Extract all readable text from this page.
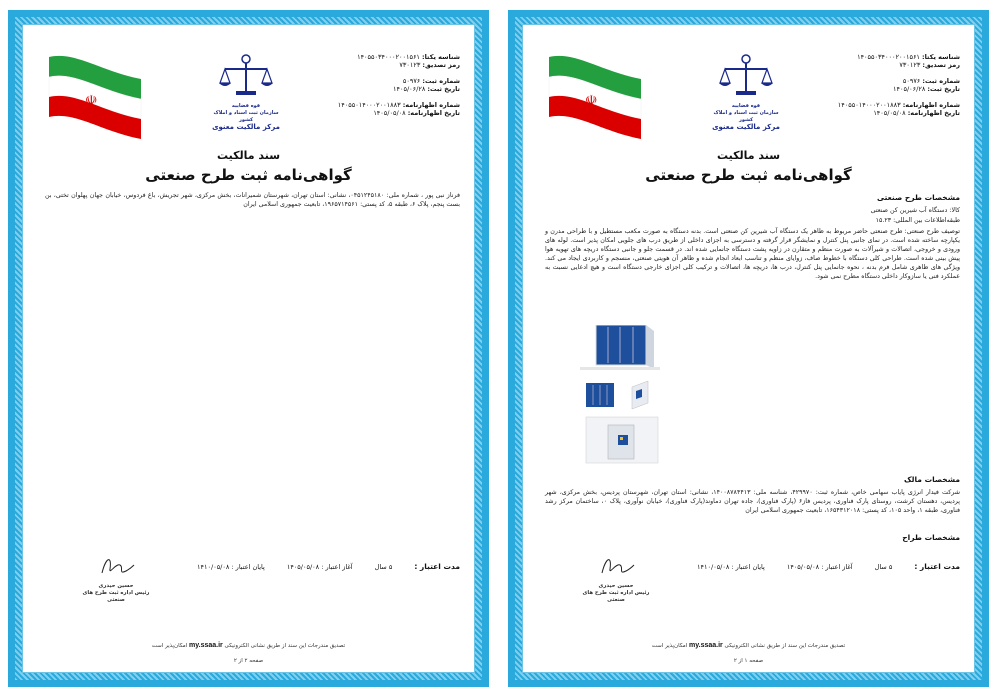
☫	قوه قضاییه
سازمان ثبت اسناد و املاک کشور
مرکز مالکیت معنوی
شناسه یکتا: ۱۴۰۵۵۰۳۴۰۰۰۲۰۰۱۵۶۱
رمز تصدیق: ۷۳۰۱۲۳
شماره ثبت: ۵۰۹۷۶
تاریخ ثبت: ۱۴۰۵/۰۶/۲۸
شماره اظهارنامه: ۱۴۰۵۵۰۱۴۰۰۰۲۰۰۱۸۸۳
تاریخ اظهارنامه: ۱۴۰۵/۰۵/۰۸
سند مالکیت
گواهی‌نامه ثبت طرح صنعتی
فرناز نبی پور ، شماره ملی: ۰۴۵۱۲۴۵۱۸۰، نشانی: استان تهران، شهرستان شمیرانات، بخش مرکزی، شهر تجریش، باغ فردوس، خیابان جهان پهلوان تختی، بن بست پنجم، پلاک ۶، طبقه ۵، کد پستی: ۱۹۶۵۷۱۴۵۶۱، تابعیت جمهوری اسلامی ایران
مدت اعتبار :
۵ سال
آغاز اعتبار : ۱۴۰۵/۰۵/۰۸
پایان اعتبار : ۱۴۱۰/۰۵/۰۸
حسین حیدری
رئیس اداره ثبت طرح های صنعتی
تصدیق مندرجات این سند از طریق نشانی الکترونیکی my.ssaa.ir امکان‌پذیر است
صفحه ۲ از ۲
☫	قوه قضاییه
سازمان ثبت اسناد و املاک کشور
مرکز مالکیت معنوی
شناسه یکتا: ۱۴۰۵۵۰۳۴۰۰۰۲۰۰۱۵۶۱
رمز تصدیق: ۷۳۰۱۲۳
شماره ثبت: ۵۰۹۷۶
تاریخ ثبت: ۱۴۰۵/۰۶/۲۸
شماره اظهارنامه: ۱۴۰۵۵۰۱۴۰۰۰۲۰۰۱۸۸۳
تاریخ اظهارنامه: ۱۴۰۵/۰۵/۰۸
سند مالکیت
گواهی‌نامه ثبت طرح صنعتی
مشخصات طرح صنعتی
کالا: دستگاه آب شیرین کن صنعتی
طبقه‌اطلاعات بین المللی: ۱۵.۲۳
توصیف طرح صنعتی: طرح صنعتی حاضر مربوط به ظاهر یک دستگاه آب شیرین کن صنعتی است. بدنه دستگاه به صورت مکعب مستطیل و با طراحی مدرن و یکپارچه ساخته شده است. در نمای جانبی پنل کنترل و نمایشگر قرار گرفته و دسترسی به اجزای داخلی از طریق درب های جلویی امکان پذیر است. لوله های ورودی و خروجی، اتصالات و شیرآلات به صورت منظم و متقارن در زاویه پشت دستگاه جانمایی شده اند. در قسمت جلو و جانبی دستگاه دریچه های تهویه هوا پیش بینی شده است. طراحی کلی دستگاه با خطوط صاف، زوایای منظم و تناسب ابعاد انجام شده و ظاهر آن هویتی صنعتی، منسجم و کاربردی ایجاد می کند. ویژگی های ظاهری شامل فرم بدنه ، نحوه جانمایی پنل کنترل، درب ها، دریچه ها، اتصالات و ترکیب کلی اجزای خارجی دستگاه است و هیچ ادعایی نسبت به عملکرد فنی یا سازوکار داخلی دستگاه مطرح نمی شود.
مشخصات مالک
شرکت فیدار انرژی پایاب سهامی خاص، شماره ثبت: ۴۲۹۹۷۰، شناسه ملی: ۱۴۰۰۸۷۸۴۴۱۳، نشانی: استان تهران، شهرستان پردیس، بخش مرکزی، شهر پردیس، دهستان کرشت، روستای پارک فناوری، پردیس فاز۶ (پارک فناوری)، جاده تهران دماوند(پارک فناوری)، خیابان نوآوری، پلاک ۰، ساختمان مرکز رشد فناوری، طبقه ۱، واحد ۱۰۵، کد پستی: ۱۶۵۴۳۱۲۰۱۸، تابعیت جمهوری اسلامی ایران
مشخصات طراح
مدت اعتبار :
۵ سال
آغاز اعتبار : ۱۴۰۵/۰۵/۰۸
پایان اعتبار : ۱۴۱۰/۰۵/۰۸
حسین حیدری
رئیس اداره ثبت طرح های صنعتی
تصدیق مندرجات این سند از طریق نشانی الکترونیکی my.ssaa.ir امکان‌پذیر است
صفحه ۱ از ۲
